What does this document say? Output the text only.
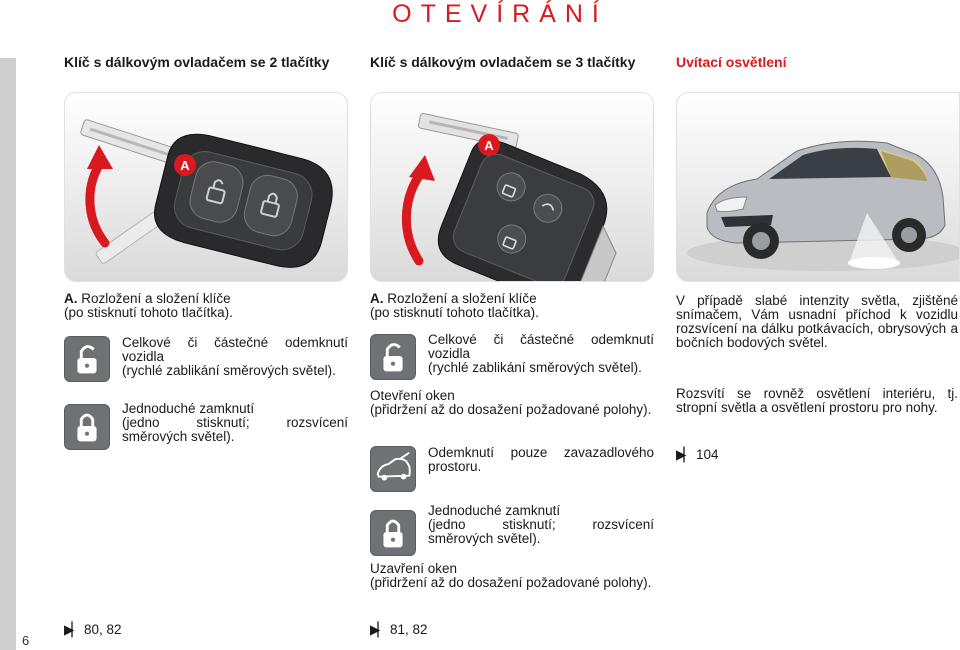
OTEVÍRÁNÍ
6
Klíč s dálkovým ovladačem se 2 tlačítky	Klíč s dálkovým ovladačem se 3 tlačítky	Uvítací osvětlení
A
A
A. Rozložení a složení klíče
(po stisknutí tohoto tlačítka).
Celkové či částečné odemknutí vozidla
(rychlé zablikání směrových světel).
Jednoduché zamknutí
(jedno stisknutí; rozsvícení směrových světel).
▶▏ 80, 82
A. Rozložení a složení klíče
(po stisknutí tohoto tlačítka).
Celkové či částečné odemknutí vozidla
(rychlé zablikání směrových světel).
Otevření oken
(přidržení až do dosažení požadované polohy).
Odemknutí pouze zavazadlového prostoru.
Jednoduché zamknutí
(jedno stisknutí; rozsvícení směrových světel).
Uzavření oken
(přidržení až do dosažení požadované polohy).
▶▏ 81, 82
V případě slabé intenzity světla, zjištěné snímačem, Vám usnadní příchod k vozidlu rozsvícení na dálku potkávacích, obrysových a bočních bodových světel.
Rozsvítí se rovněž osvětlení interiéru, tj. stropní světla a osvětlení prostoru pro nohy.
▶▏ 104
